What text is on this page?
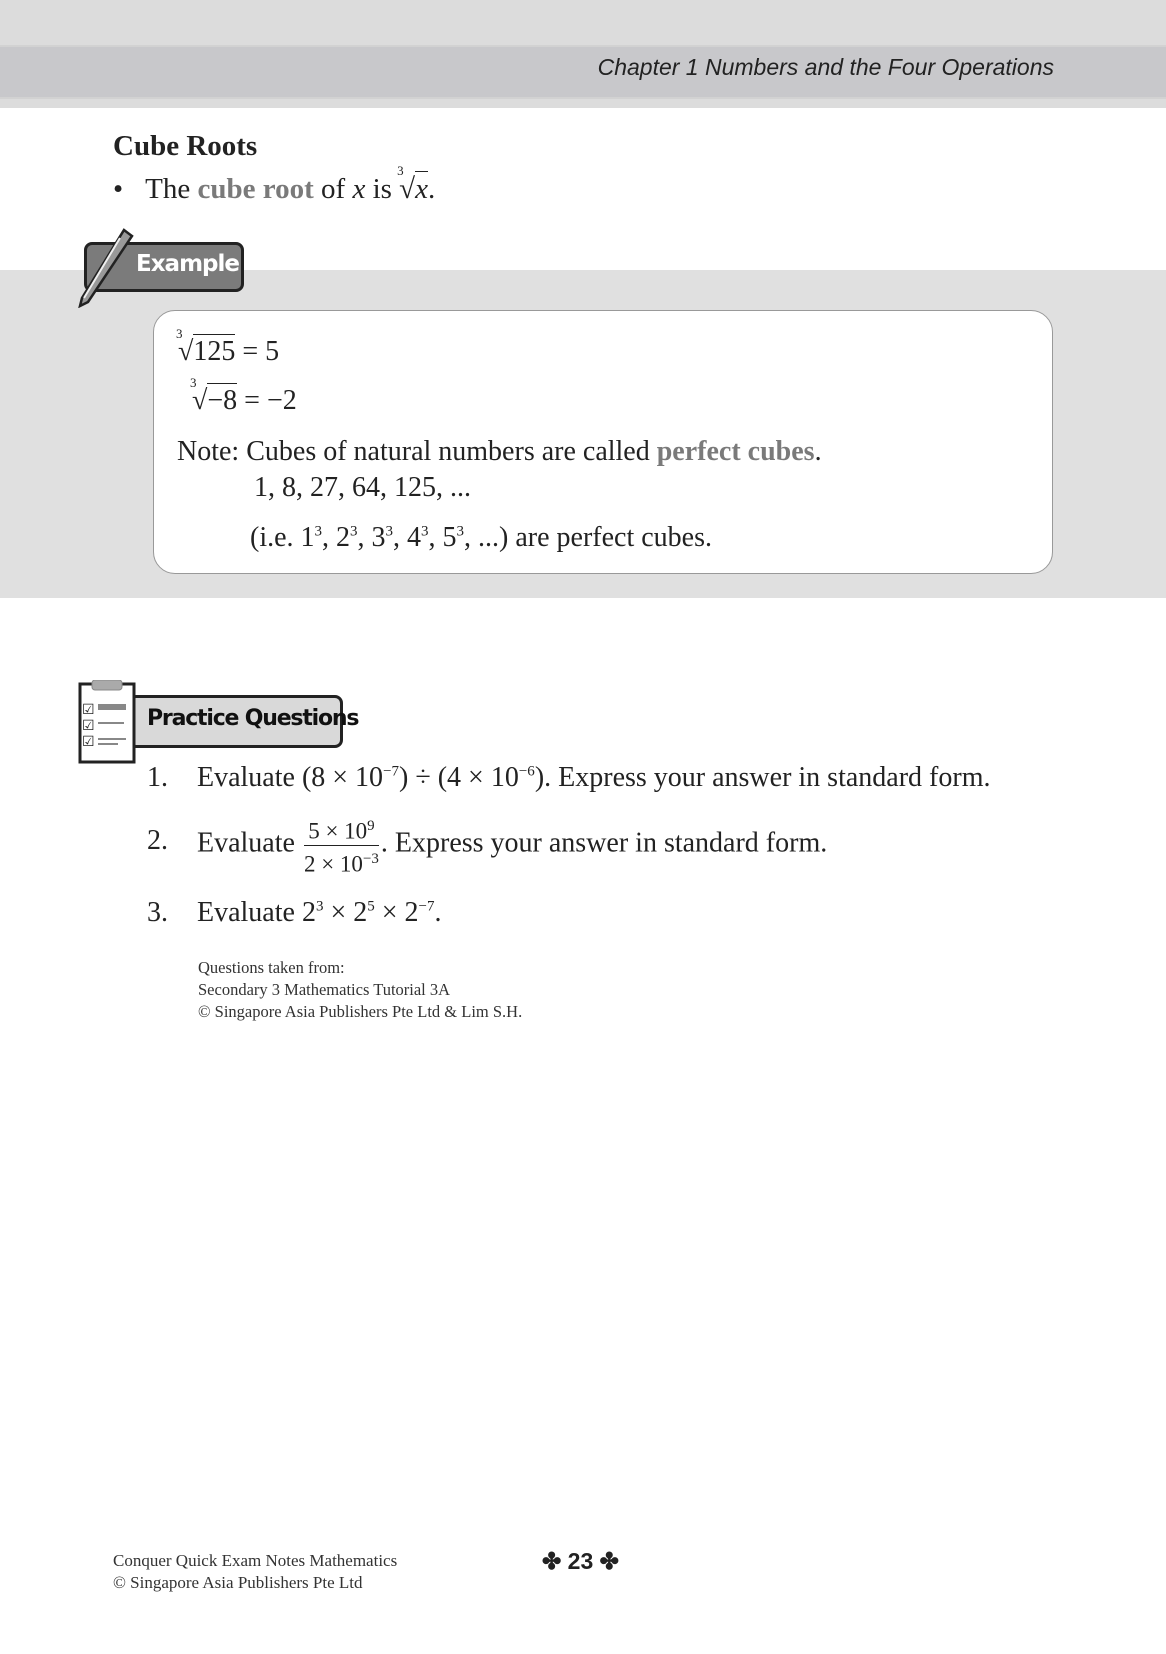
Chapter 1 Numbers and the Four Operations
Cube Roots
• The cube root of x is
3
√x.
Example
3
√125 = 5
3
√−8 = −2
Note: Cubes of natural numbers are called perfect cubes.
1, 8, 27, 64, 125, ...
(i.e. $1^3$, $2^3$, $3^3$, $4^3$, $5^3$, ...) are perfect cubes.
☑
☑
☑
Practice Questions
1. Evaluate $(8 \times 10^{-7}) \div (4 \times 10^{-6})$. Express your answer in standard form.
2. Evaluate $\frac{5 \times 10^9}{2 \times 10^{-3}}$ . Express your answer in standard form.
3. Evaluate $2^3 \times 2^5 \times 2^{-7}$.
Questions taken from:
Secondary 3 Mathematics Tutorial 3A
© Singapore Asia Publishers Pte Ltd & Lim S.H.
Conquer Quick Exam Notes Mathematics
© Singapore Asia Publishers Pte Ltd
✤ 23 ✤
